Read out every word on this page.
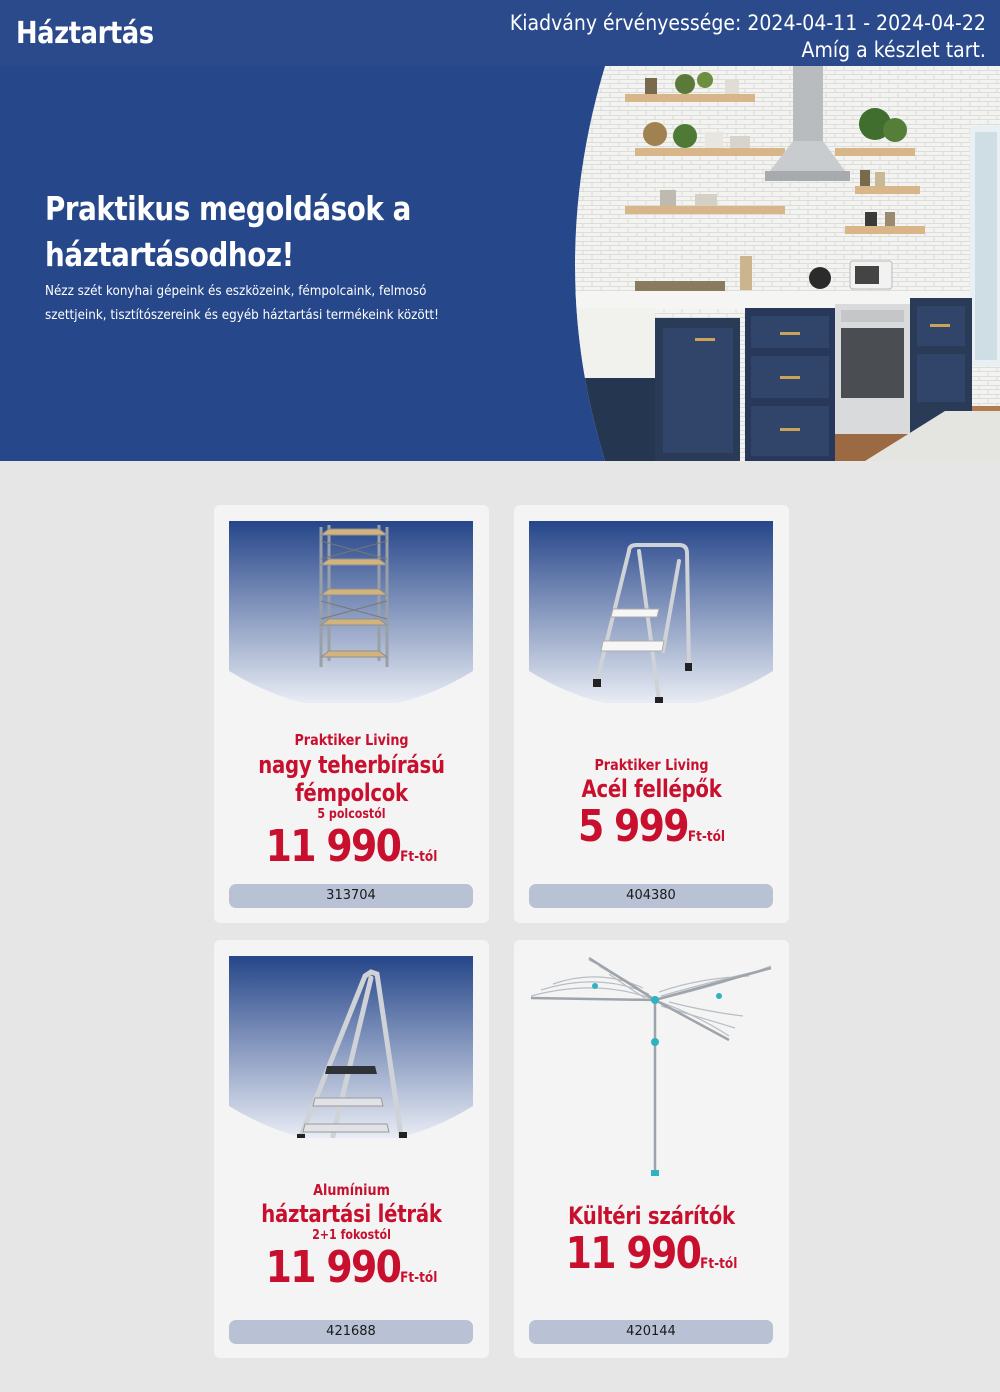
Háztartás	Kiadvány érvényessége: 2024-04-11 - 2024-04-22
Amíg a készlet tart.
Praktikus megoldások a
háztartásodhoz!
Nézz szét konyhai gépeink és eszközeink, fémpolcaink, felmosó
szettjeink, tisztítószereink és egyéb háztartási termékeink között!
Praktiker Living
nagy teherbírású
fémpolcok
5 polcostól
11 990Ft-tól
313704
Praktiker Living
Acél fellépők
5 999Ft-tól
404380
Alumínium
háztartási létrák
2+1 fokostól
11 990Ft-tól
421688
Kültéri szárítók
11 990Ft-tól
420144
